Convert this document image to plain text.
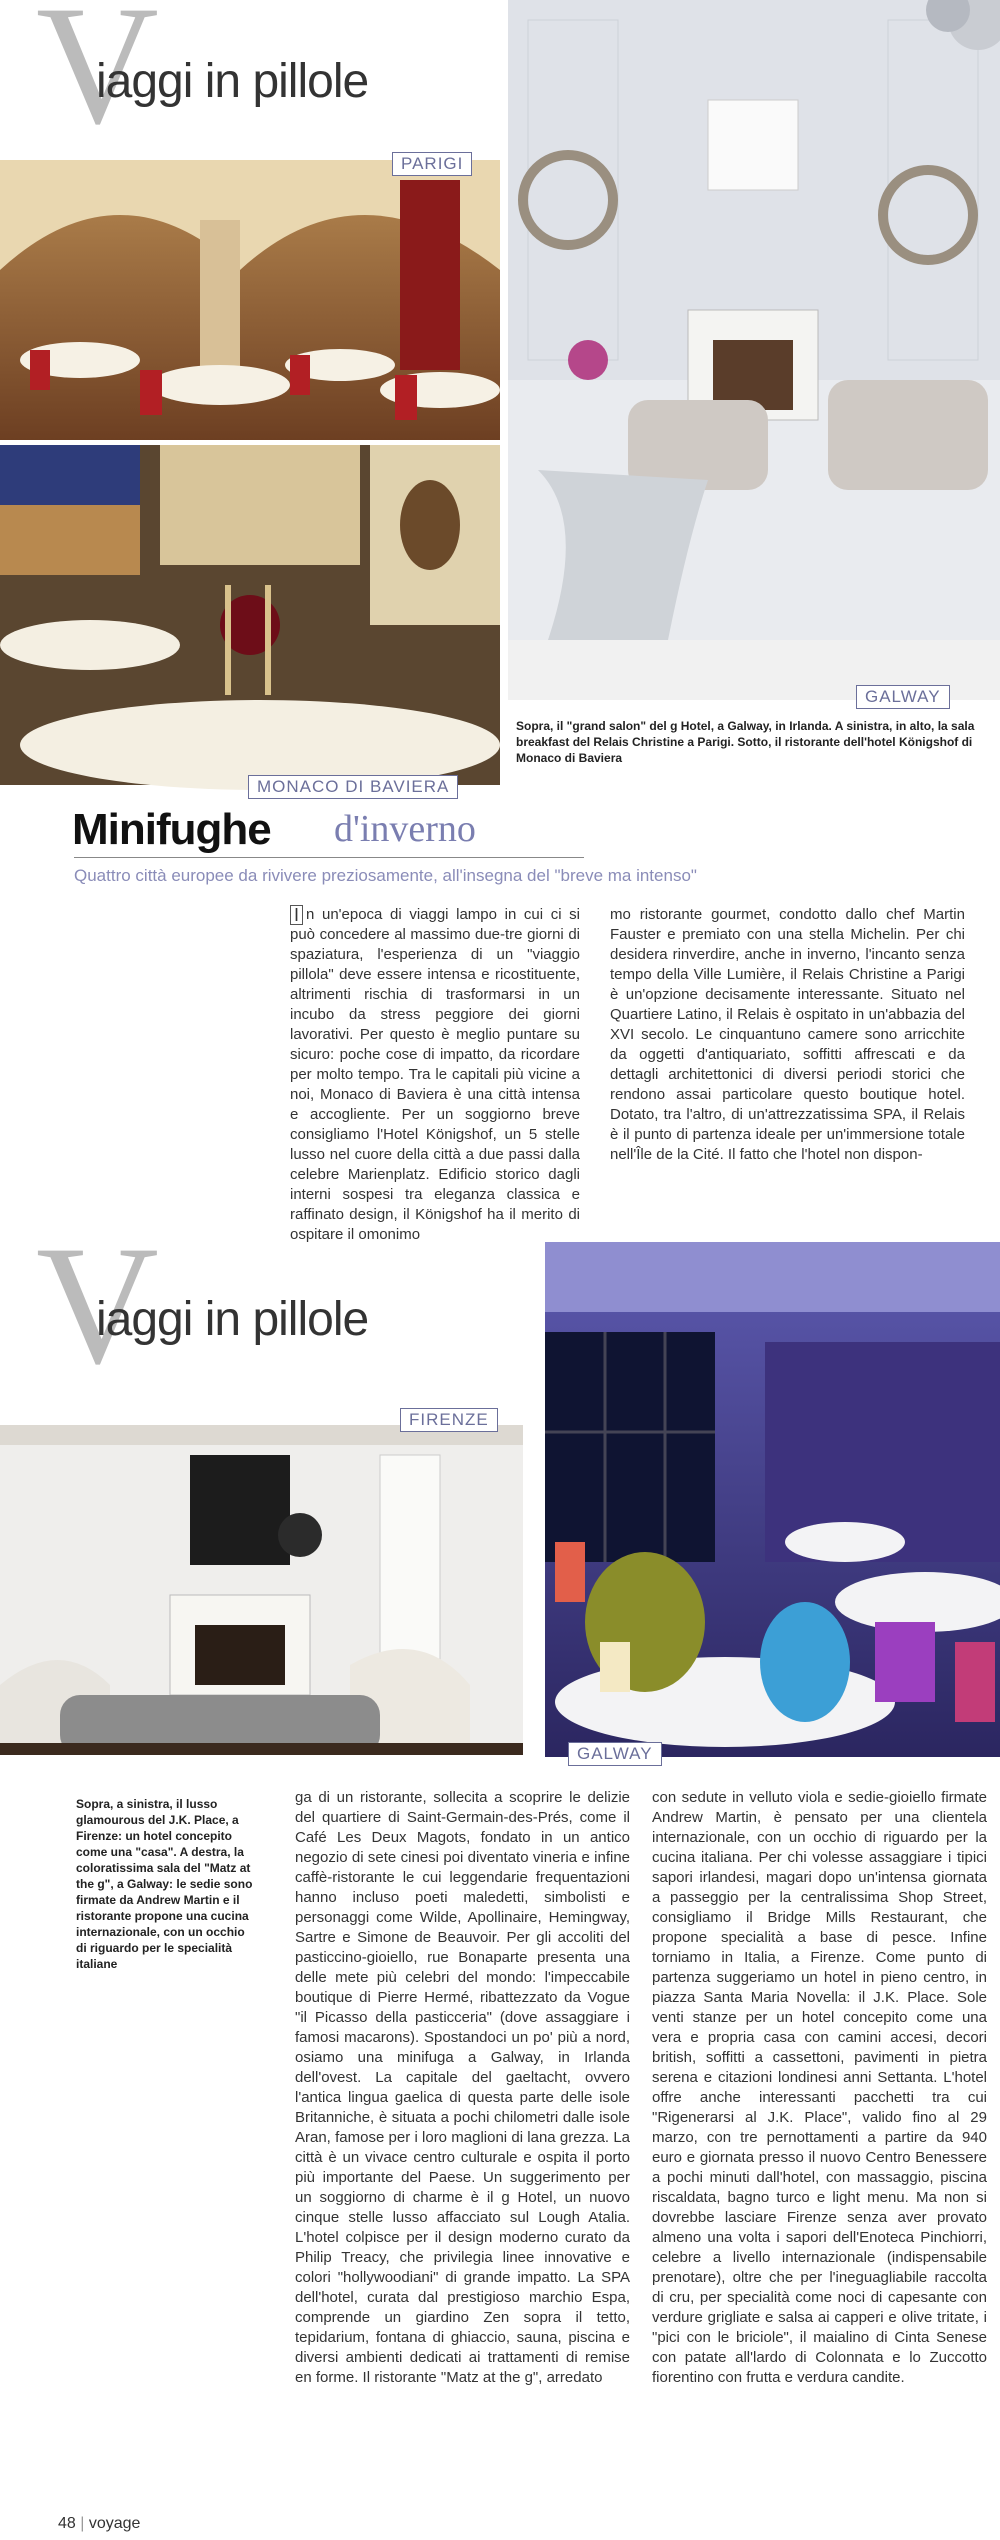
V
iaggi in pillole
PARIGI
MONACO DI BAVIERA
GALWAY
Sopra, il "grand salon" del g Hotel, a Galway, in Irlanda. A sinistra, in alto, la sala breakfast del Relais Christine a Parigi. Sotto, il ristorante dell'hotel Königshof di Monaco di Baviera
Minifughe d'inverno
Quattro città europee da rivivere preziosamente, all'insegna del "breve ma intenso"

I n un'epoca di viaggi lampo in cui ci si può concedere al massimo due-tre giorni di spaziatura, l'esperienza di un "viaggio pillola" deve essere intensa e ricostituente, altrimenti rischia di trasformarsi in un incubo da stress peggiore dei giorni lavorativi. Per questo è meglio puntare su sicuro: poche cose di impatto, da ricordare per molto tempo. Tra le capitali più vicine a noi, Monaco di Baviera è una città intensa e accogliente. Per un soggiorno breve consigliamo l'Hotel Königshof, un 5 stelle lusso nel cuore della città a due passi dalla celebre Marienplatz. Edificio storico dagli interni sospesi tra eleganza classica e raffinato design, il Königshof ha il merito di ospitare il omonimo

mo ristorante gourmet, condotto dallo chef Martin Fauster e premiato con una stella Michelin. Per chi desidera rinverdire, anche in inverno, l'incanto senza tempo della Ville Lumière, il Relais Christine a Parigi è un'opzione decisamente interessante. Situato nel Quartiere Latino, il Relais è ospitato in un'abbazia del XVI secolo. Le cinquantuno camere sono arricchite da oggetti d'antiquariato, soffitti affrescati e da dettagli architettonici di diversi periodi storici che rendono assai particolare questo boutique hotel. Dotato, tra l'altro, di un'attrezzatissima SPA, il Relais è il punto di partenza ideale per un'immersione totale nell'Île de la Cité. Il fatto che l'hotel non dispon-

V
iaggi in pillole
FIRENZE
GALWAY
Sopra, a sinistra, il lusso glamourous del J.K. Place, a Firenze: un hotel concepito come una "casa". A destra, la coloratissima sala del "Matz at the g", a Galway: le sedie sono firmate da Andrew Martin e il ristorante propone una cucina internazionale, con un occhio di riguardo per le specialità italiane

ga di un ristorante, sollecita a scoprire le delizie del quartiere di Saint-Germain-des-Prés, come il Café Les Deux Magots, fondato in un antico negozio di sete cinesi poi diventato vineria e infine caffè-ristorante le cui leggendarie frequentazioni hanno incluso poeti maledetti, simbolisti e personaggi come Wilde, Apollinaire, Hemingway, Sartre e Simone de Beauvoir. Per gli accoliti del pasticcino-gioiello, rue Bonaparte presenta una delle mete più celebri del mondo: l'impeccabile boutique di Pierre Hermé, ribattezzato da Vogue "il Picasso della pasticceria" (dove assaggiare i famosi macarons). Spostandoci un po' più a nord, osiamo una minifuga a Galway, in Irlanda dell'ovest. La capitale del gaeltacht, ovvero l'antica lingua gaelica di questa parte delle isole Britanniche, è situata a pochi chilometri dalle isole Aran, famose per i loro maglioni di lana grezza. La città è un vivace centro culturale e ospita il porto più importante del Paese. Un suggerimento per un soggiorno di charme è il g Hotel, un nuovo cinque stelle lusso affacciato sul Lough Atalia. L'hotel colpisce per il design moderno curato da Philip Treacy, che privilegia linee innovative e colori "hollywoodiani" di grande impatto. La SPA dell'hotel, curata dal prestigioso marchio Espa, comprende un giardino Zen sopra il tetto, tepidarium, fontana di ghiaccio, sauna, piscina e diversi ambienti dedicati ai trattamenti di remise en forme. Il ristorante "Matz at the g", arredato

con sedute in velluto viola e sedie-gioiello firmate Andrew Martin, è pensato per una clientela internazionale, con un occhio di riguardo per la cucina italiana. Per chi volesse assaggiare i tipici sapori irlandesi, magari dopo un'intensa giornata a passeggio per la centralissima Shop Street, consigliamo il Bridge Mills Restaurant, che propone specialità a base di pesce. Infine torniamo in Italia, a Firenze. Come punto di partenza suggeriamo un hotel in pieno centro, in piazza Santa Maria Novella: il J.K. Place. Sole venti stanze per un hotel concepito come una vera e propria casa con camini accesi, decori british, soffitti a cassettoni, pavimenti in pietra serena e citazioni londinesi anni Settanta. L'hotel offre anche interessanti pacchetti tra cui "Rigenerarsi al J.K. Place", valido fino al 29 marzo, con tre pernottamenti a partire da 940 euro e giornata presso il nuovo Centro Benessere a pochi minuti dall'hotel, con massaggio, piscina riscaldata, bagno turco e light menu. Ma non si dovrebbe lasciare Firenze senza aver provato almeno una volta i sapori dell'Enoteca Pinchiorri, celebre a livello internazionale (indispensabile prenotare), oltre che per l'ineguagliabile raccolta di cru, per specialità come noci di capesante con verdure grigliate e salsa ai capperi e olive tritate, i "pici con le briciole", il maialino di Cinta Senese con patate all'lardo di Colonnata e lo Zuccotto fiorentino con frutta e verdura candite.

48 | voyage
